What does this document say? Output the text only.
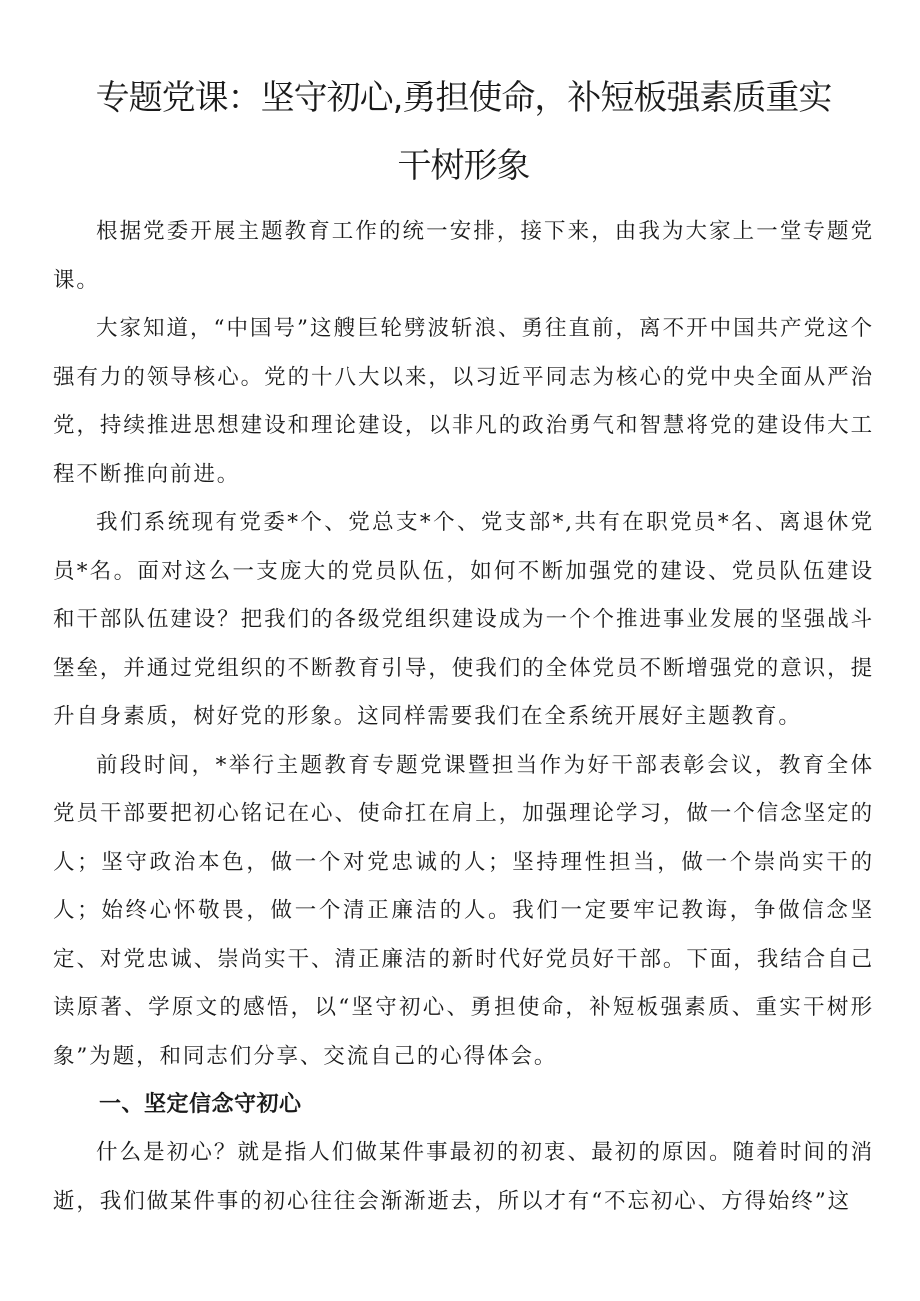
专题党课：坚守初心,勇担使命，补短板强素质重实
干树形象

根据党委开展主题教育工作的统一安排，接下来，由我为大家上一堂专题党课。

大家知道，“中国号”这艘巨轮劈波斩浪、勇往直前，离不开中国共产党这个强有力的领导核心。党的十八大以来，以习近平同志为核心的党中央全面从严治党，持续推进思想建设和理论建设，以非凡的政治勇气和智慧将党的建设伟大工程不断推向前进。

我们系统现有党委*个、党总支*个、党支部*,共有在职党员*名、离退休党员*名。面对这么一支庞大的党员队伍，如何不断加强党的建设、党员队伍建设和干部队伍建设？把我们的各级党组织建设成为一个个推进事业发展的坚强战斗堡垒，并通过党组织的不断教育引导，使我们的全体党员不断增强党的意识，提升自身素质，树好党的形象。这同样需要我们在全系统开展好主题教育。

前段时间，*举行主题教育专题党课暨担当作为好干部表彰会议，教育全体党员干部要把初心铭记在心、使命扛在肩上，加强理论学习，做一个信念坚定的人；坚守政治本色，做一个对党忠诚的人；坚持理性担当，做一个崇尚实干的人；始终心怀敬畏，做一个清正廉洁的人。我们一定要牢记教诲，争做信念坚定、对党忠诚、崇尚实干、清正廉洁的新时代好党员好干部。下面，我结合自己读原著、学原文的感悟，以“坚守初心、勇担使命，补短板强素质、重实干树形象”为题，和同志们分享、交流自己的心得体会。

一、坚定信念守初心

什么是初心？就是指人们做某件事最初的初衷、最初的原因。随着时间的消逝，我们做某件事的初心往往会渐渐逝去，所以才有“不忘初心、方得始终”这
